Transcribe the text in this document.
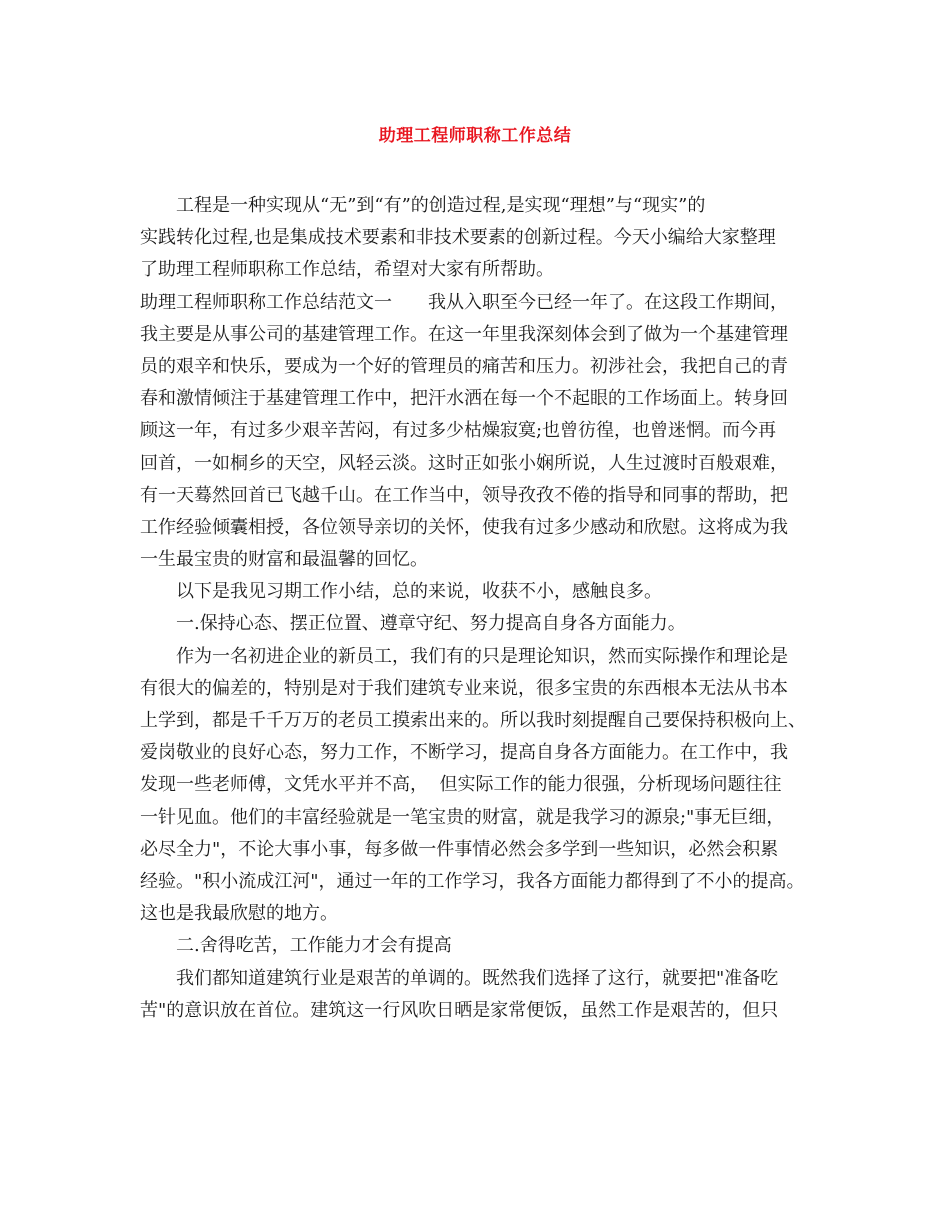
助理工程师职称工作总结
工程是一种实现从“无”到“有”的创造过程,是实现“理想”与“现实”的
实践转化过程,也是集成技术要素和非技术要素的创新过程。今天小编给大家整理
了助理工程师职称工作总结，希望对大家有所帮助。
助理工程师职称工作总结范文一　　我从入职至今已经一年了。在这段工作期间，
我主要是从事公司的基建管理工作。在这一年里我深刻体会到了做为一个基建管理
员的艰辛和快乐，要成为一个好的管理员的痛苦和压力。初涉社会，我把自己的青
春和激情倾注于基建管理工作中，把汗水洒在每一个不起眼的工作场面上。转身回
顾这一年，有过多少艰辛苦闷，有过多少枯燥寂寞;也曾彷徨，也曾迷惘。而今再
回首，一如桐乡的天空，风轻云淡。这时正如张小娴所说，人生过渡时百般艰难，
有一天蓦然回首已飞越千山。在工作当中，领导孜孜不倦的指导和同事的帮助，把
工作经验倾囊相授，各位领导亲切的关怀，使我有过多少感动和欣慰。这将成为我
一生最宝贵的财富和最温馨的回忆。
以下是我见习期工作小结，总的来说，收获不小，感触良多。
一.保持心态、摆正位置、遵章守纪、努力提高自身各方面能力。
作为一名初进企业的新员工，我们有的只是理论知识，然而实际操作和理论是
有很大的偏差的，特别是对于我们建筑专业来说，很多宝贵的东西根本无法从书本
上学到，都是千千万万的老员工摸索出来的。所以我时刻提醒自己要保持积极向上、
爱岗敬业的良好心态，努力工作，不断学习，提高自身各方面能力。在工作中，我
发现一些老师傅，文凭水平并不高，  但实际工作的能力很强，分析现场问题往往
一针见血。他们的丰富经验就是一笔宝贵的财富，就是我学习的源泉;"事无巨细，
必尽全力"，不论大事小事，每多做一件事情必然会多学到一些知识，必然会积累
经验。"积小流成江河"，通过一年的工作学习，我各方面能力都得到了不小的提高。
这也是我最欣慰的地方。
二.舍得吃苦，工作能力才会有提高
我们都知道建筑行业是艰苦的单调的。既然我们选择了这行，就要把"准备吃
苦"的意识放在首位。建筑这一行风吹日晒是家常便饭，虽然工作是艰苦的，但只
